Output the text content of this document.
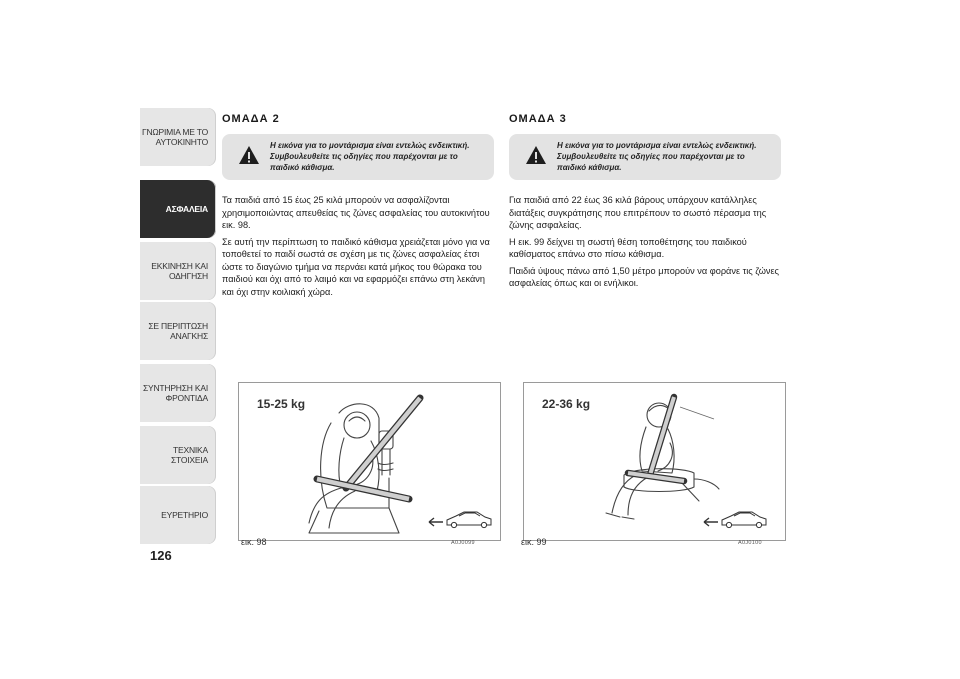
ΓΝΩΡΙΜΙΑ ΜΕ ΤΟ
ΑΥΤΟΚΙΝΗΤΟ
ΑΣΦΑΛΕΙΑ
ΕΚΚΙΝΗΣΗ ΚΑΙ
ΟΔΗΓΗΣΗ
ΣΕ ΠΕΡΙΠΤΩΣΗ
ΑΝΑΓΚΗΣ
ΣΥΝΤΗΡΗΣΗ ΚΑΙ
ΦΡΟΝΤΙΔΑ
ΤΕΧΝΙΚΑ ΣΤΟΙΧΕΙΑ
ΕΥΡΕΤΗΡΙΟ
126
ΟΜΑΔΑ 2
Η εικόνα για το μοντάρισμα είναι εντελώς ενδεικτική. Συμβουλευθείτε τις οδηγίες που παρέχονται με το παιδικό κάθισμα.

Τα παιδιά από 15 έως 25 κιλά μπορούν να ασφαλίζονται χρησιμοποιώντας απευθείας τις ζώνες ασφαλείας του αυτοκινήτου εικ. 98.

Σε αυτή την περίπτωση το παιδικό κάθισμα χρειάζεται μόνο για να τοποθετεί το παιδί σωστά σε σχέση με τις ζώνες ασφαλείας έτσι ώστε το διαγώνιο τμήμα να περνάει κατά μήκος του θώρακα του παιδιού και όχι από το λαιμό και να εφαρμόζει επάνω στη λεκάνη και όχι στην κοιλιακή χώρα.

ΟΜΑΔΑ 3
Η εικόνα για το μοντάρισμα είναι εντελώς ενδεικτική. Συμβουλευθείτε τις οδηγίες που παρέχονται με το παιδικό κάθισμα.

Για παιδιά από 22 έως 36 κιλά βάρους υπάρχουν κατάλληλες διατάξεις συγκράτησης που επιτρέπουν το σωστό πέρασμα της ζώνης ασφαλείας.

Η εικ. 99 δείχνει τη σωστή θέση τοποθέτησης του παιδικού καθίσματος επάνω στο πίσω κάθισμα.

Παιδιά ύψους πάνω από 1,50 μέτρο μπορούν να φοράνε τις ζώνες ασφαλείας όπως και οι ενήλικοι.

15-25 kg
εικ. 98	A0J0099
22-36 kg
εικ. 99	A0J0100
